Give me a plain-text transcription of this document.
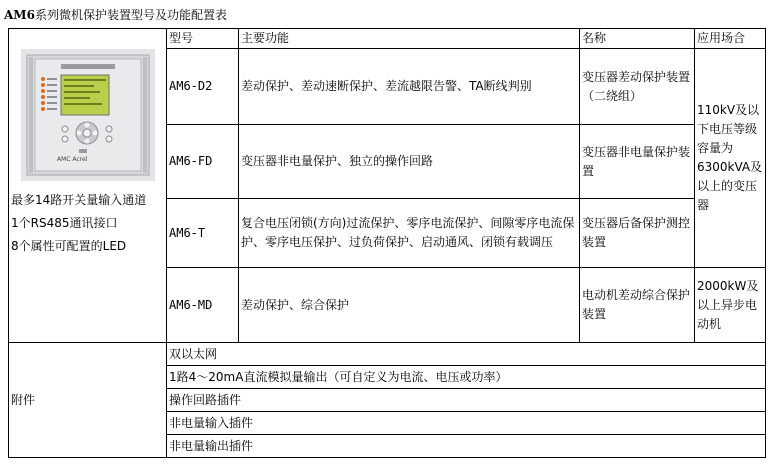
AM6系列微机保护装置型号及功能配置表
AMC Acrel
最多14路开关量输入通道
1个RS485通讯接口
8个属性可配置的LED	型号	主要功能	名称	应用场合
	AM6-D2	差动保护、差动速断保护、差流越限告警、TA断线判别	变压器差动保护装置（二绕组）	110kV及以下电压等级容量为6300kVA及以上的变压器
	AM6-FD	变压器非电量保护、独立的操作回路	变压器非电量保护装置	
	AM6-T	复合电压闭锁(方向)过流保护、零序电流保护、间隙零序电流保护、零序电压保护、过负荷保护、启动通风、闭锁有载调压	变压器后备保护测控装置	
	AM6-MD	差动保护、综合保护	电动机差动综合保护装置	2000kW及以上异步电动机
附件	双以太网			
	1路4～20mA直流模拟量输出（可自定义为电流、电压或功率）			
	操作回路插件			
	非电量输入插件			
	非电量输出插件			
